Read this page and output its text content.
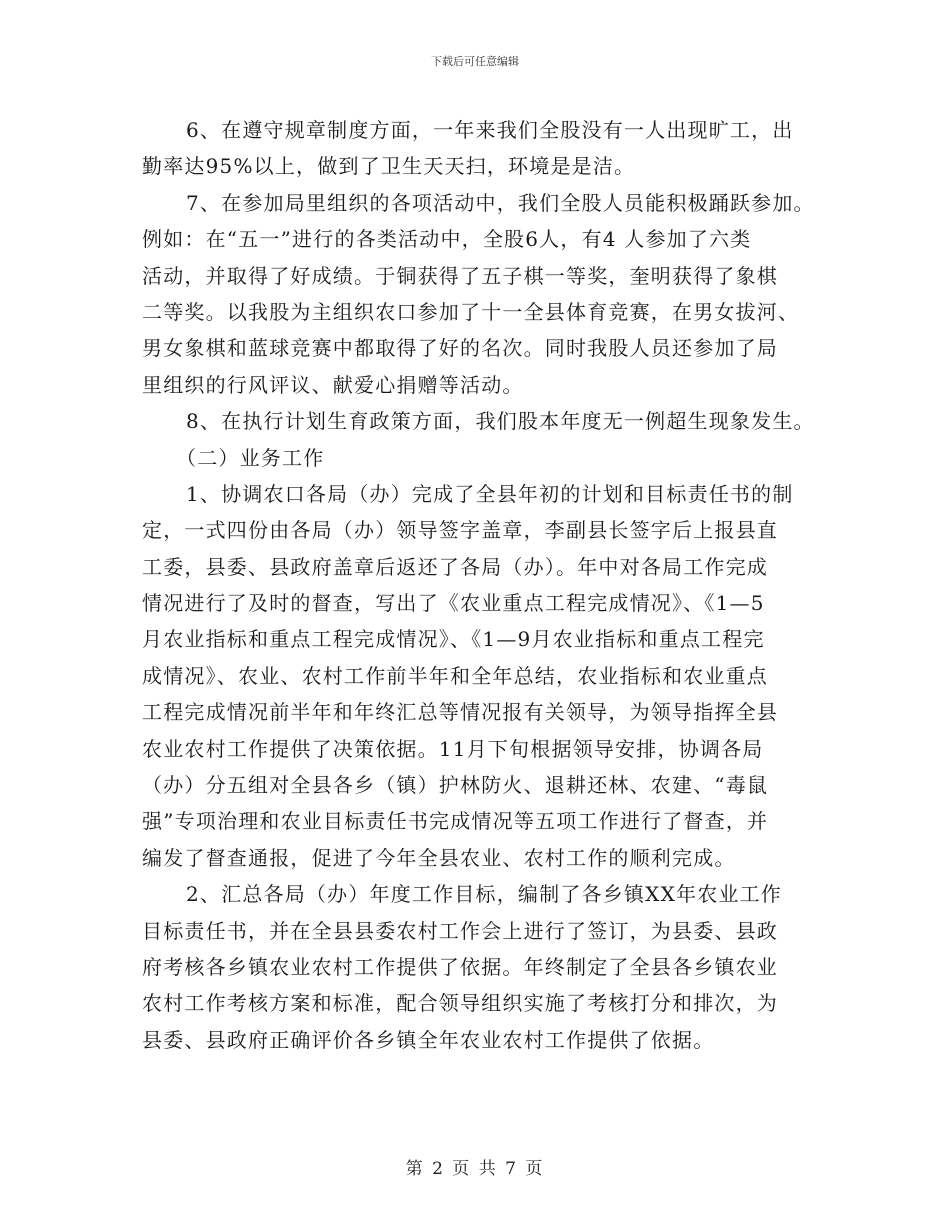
下载后可任意编辑
6、在遵守规章制度方面，一年来我们全股没有一人出现旷工，出
勤率达95%以上，做到了卫生天天扫，环境是是洁。
7、在参加局里组织的各项活动中，我们全股人员能积极踊跃参加。
例如：在“五一”进行的各类活动中，全股6人，有4 人参加了六类
活动，并取得了好成绩。于铜获得了五子棋一等奖，奎明获得了象棋
二等奖。以我股为主组织农口参加了十一全县体育竞赛，在男女拔河、
男女象棋和蓝球竞赛中都取得了好的名次。同时我股人员还参加了局
里组织的行风评议、献爱心捐赠等活动。
8、在执行计划生育政策方面，我们股本年度无一例超生现象发生。
（二）业务工作
1、协调农口各局（办）完成了全县年初的计划和目标责任书的制
定，一式四份由各局（办）领导签字盖章，李副县长签字后上报县直
工委，县委、县政府盖章后返还了各局（办）。年中对各局工作完成
情况进行了及时的督查，写出了《农业重点工程完成情况》、《1—5
月农业指标和重点工程完成情况》、《1—9月农业指标和重点工程完
成情况》、农业、农村工作前半年和全年总结，农业指标和农业重点
工程完成情况前半年和年终汇总等情况报有关领导，为领导指挥全县
农业农村工作提供了决策依据。11月下旬根据领导安排，协调各局
（办）分五组对全县各乡（镇）护林防火、退耕还林、农建、“毒鼠
强”专项治理和农业目标责任书完成情况等五项工作进行了督查，并
编发了督查通报，促进了今年全县农业、农村工作的顺利完成。
2、汇总各局（办）年度工作目标，编制了各乡镇XX年农业工作
目标责任书，并在全县县委农村工作会上进行了签订，为县委、县政
府考核各乡镇农业农村工作提供了依据。年终制定了全县各乡镇农业
农村工作考核方案和标准，配合领导组织实施了考核打分和排次，为
县委、县政府正确评价各乡镇全年农业农村工作提供了依据。
第 2 页 共 7 页
